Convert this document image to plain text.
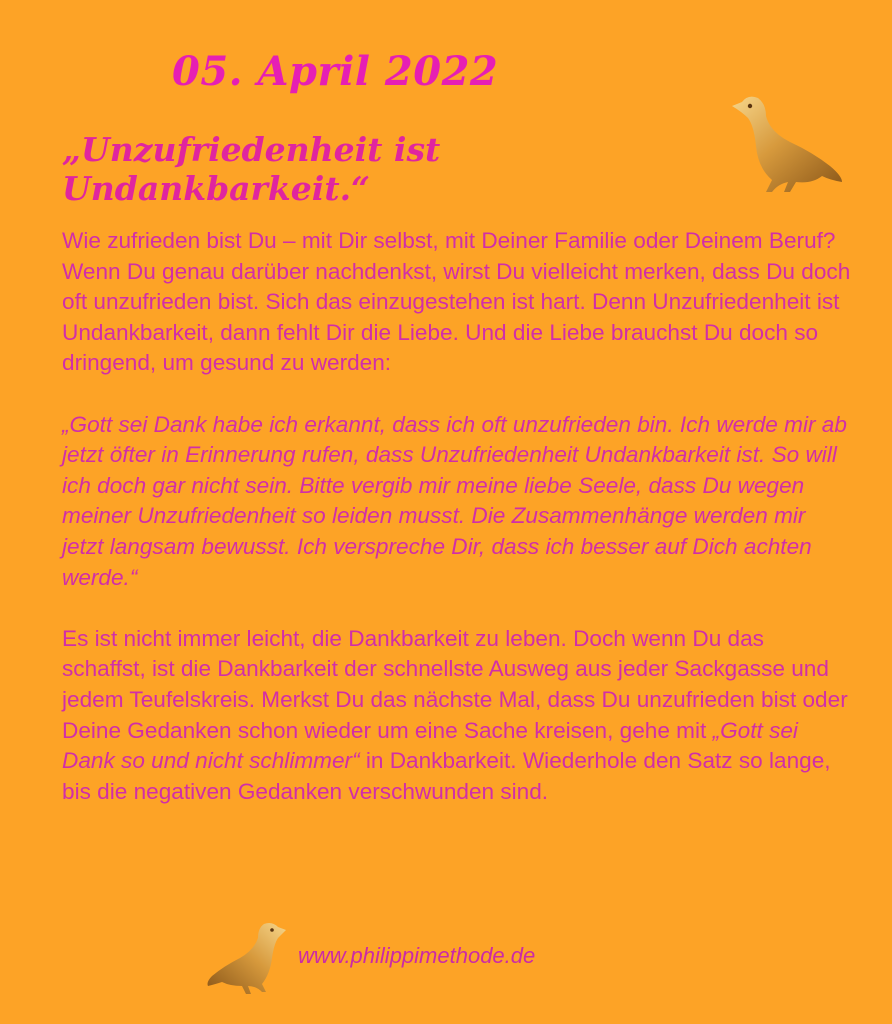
05. April 2022
„Unzufriedenheit ist Undankbarkeit.“

Wie zufrieden bist Du – mit Dir selbst, mit Deiner Familie oder Deinem Beruf? Wenn Du genau darüber nachdenkst, wirst Du vielleicht merken, dass Du doch oft unzufrieden bist. Sich das einzugestehen ist hart. Denn Unzufriedenheit ist Undankbarkeit, dann fehlt Dir die Liebe. Und die Liebe brauchst Du doch so dringend, um gesund zu werden:

„Gott sei Dank habe ich erkannt, dass ich oft unzufrieden bin. Ich werde mir ab jetzt öfter in Erinnerung rufen, dass Unzufriedenheit Undankbarkeit ist. So will ich doch gar nicht sein. Bitte vergib mir meine liebe Seele, dass Du wegen meiner Unzufriedenheit so leiden musst. Die Zusammenhänge werden mir jetzt langsam bewusst. Ich verspreche Dir, dass ich besser auf Dich achten werde.“

Es ist nicht immer leicht, die Dankbarkeit zu leben. Doch wenn Du das schaffst, ist die Dankbarkeit der schnellste Ausweg aus jeder Sackgasse und jedem Teufelskreis. Merkst Du das nächste Mal, dass Du unzufrieden bist oder Deine Gedanken schon wieder um eine Sache kreisen, gehe mit „Gott sei Dank so und nicht schlimmer“ in Dankbarkeit. Wiederhole den Satz so lange, bis die negativen Gedanken verschwunden sind.

www.philippimethode.de
